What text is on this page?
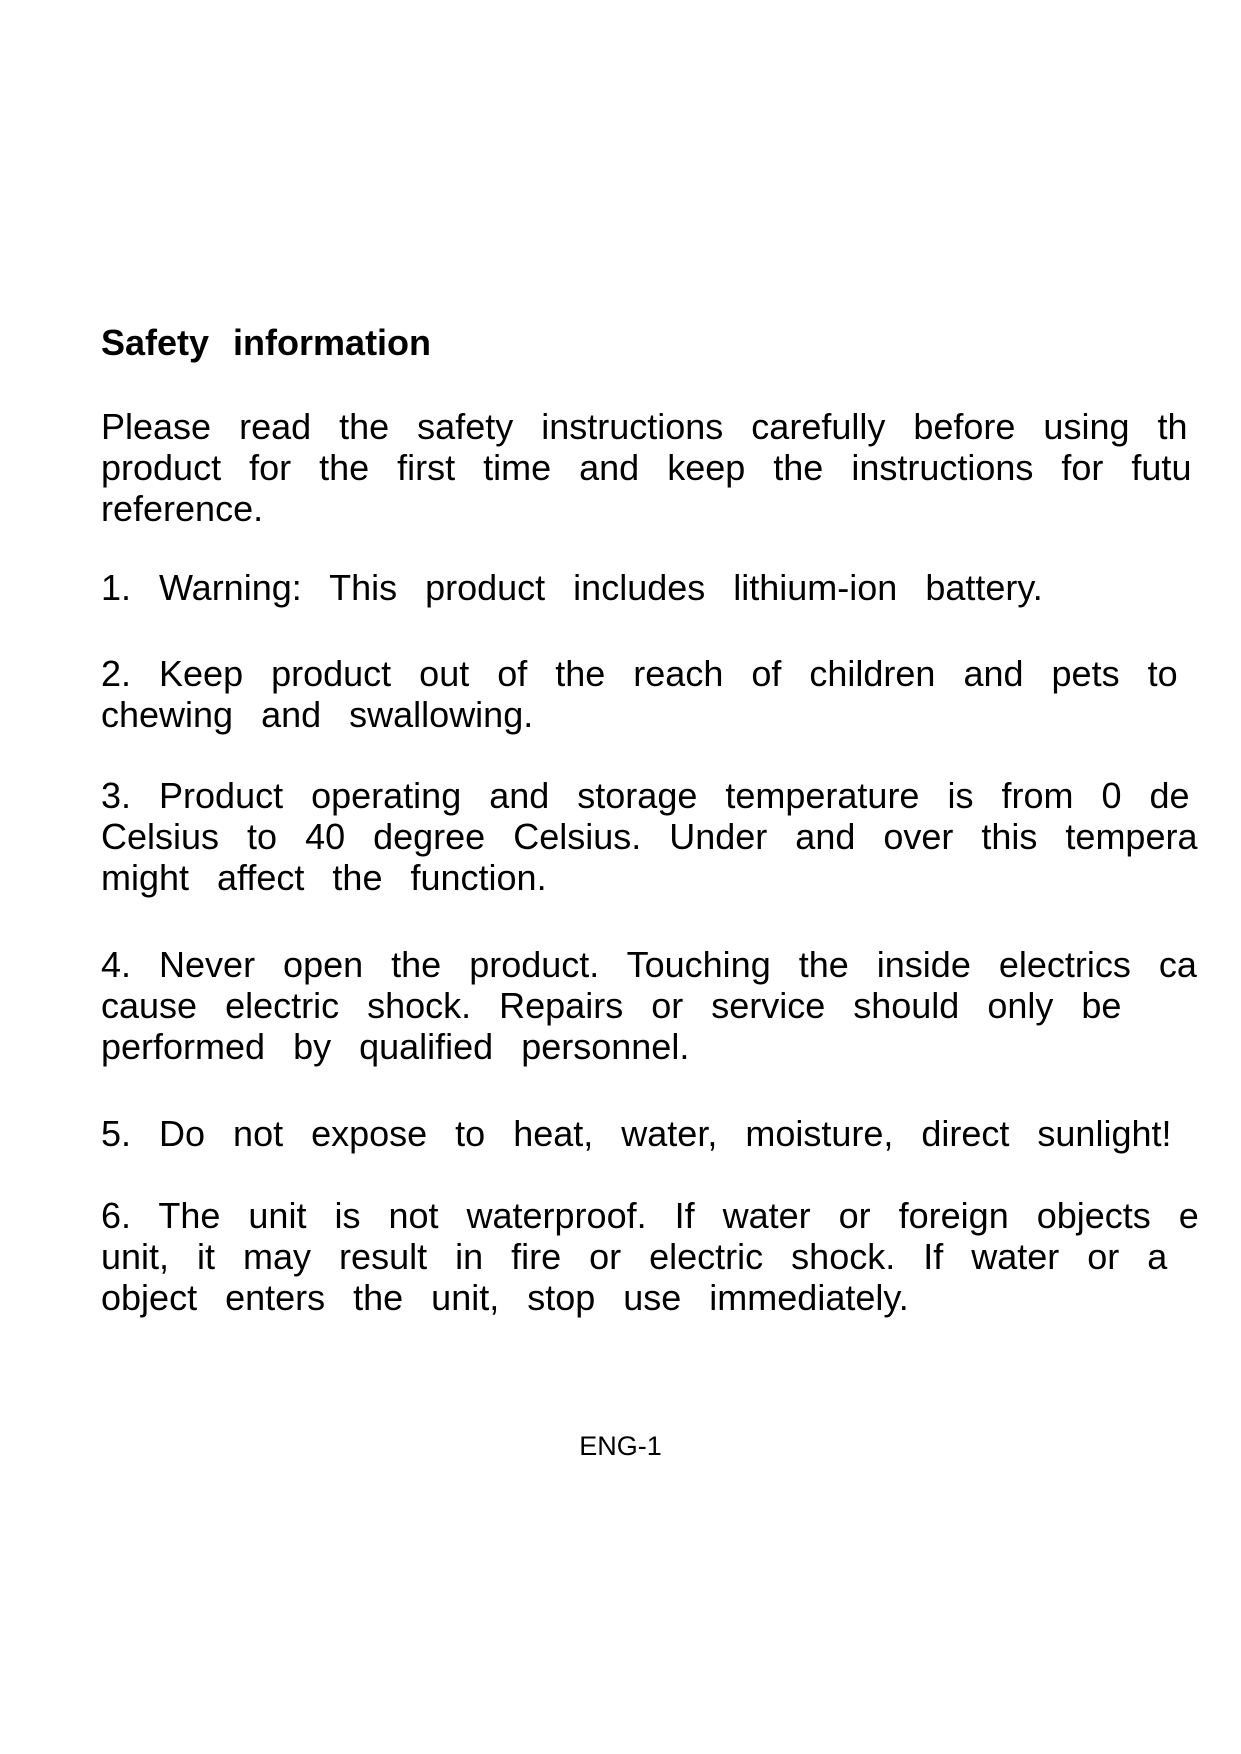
Safety information

Please read the safety instructions carefully before using th
product for the first time and keep the instructions for futu
reference.

1. Warning: This product includes lithium-ion battery.

2. Keep product out of the reach of children and pets to
chewing and swallowing.

3. Product operating and storage temperature is from 0 de
Celsius to 40 degree Celsius. Under and over this tempera
might affect the function.

4. Never open the product. Touching the inside electrics ca
cause electric shock. Repairs or service should only be
performed by qualified personnel.

5. Do not expose to heat, water, moisture, direct sunlight!

6. The unit is not waterproof. If water or foreign objects e
unit, it may result in fire or electric shock. If water or a
object enters the unit, stop use immediately.

ENG-1
